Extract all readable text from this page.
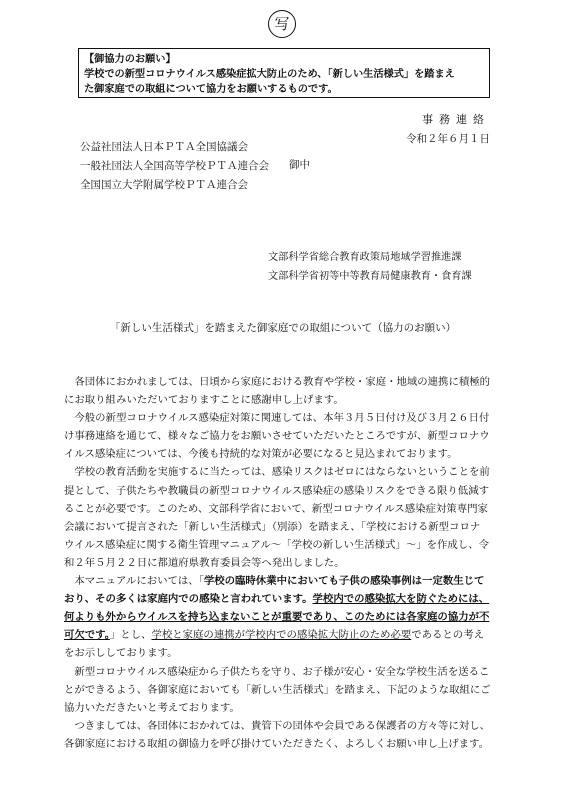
写
【御協力のお願い】
学校での新型コロナウイルス感染症拡大防止のため、「新しい生活様式」を踏まえ
た御家庭での取組について協力をお願いするものです。
事務連絡
令和２年６月１日
公益社団法人日本ＰＴＡ全国協議会
一般社団法人全国高等学校ＰＴＡ連合会
全国国立大学附属学校ＰＴＡ連合会
御中
文部科学省総合教育政策局地域学習推進課
文部科学省初等中等教育局健康教育・食育課
「新しい生活様式」を踏まえた御家庭での取組について（協力のお願い）
　各団体におかれましては、日頃から家庭における教育や学校・家庭・地域の連携に積極的
にお取り組みいただいておりますことに感謝申し上げます。
　今般の新型コロナウイルス感染症対策に関連しては、本年３月５日付け及び３月２６日付
け事務連絡を通じて、様々なご協力をお願いさせていただいたところですが、新型コロナウ
イルス感染症については、今後も持続的な対策が必要になると見込まれております。
　学校の教育活動を実施するに当たっては、感染リスクはゼロにはならないということを前
提として、子供たちや教職員の新型コロナウイルス感染症の感染リスクをできる限り低減す
ることが必要です。このため、文部科学省において、新型コロナウイルス感染症対策専門家
会議において提言された「新しい生活様式」（別添）を踏まえ、「学校における新型コロナ
ウイルス感染症に関する衛生管理マニュアル～「学校の新しい生活様式」～」を作成し、令
和２年５月２２日に都道府県教育委員会等へ発出しました。
　本マニュアルにおいては、「学校の臨時休業中においても子供の感染事例は一定数生じて
おり、その多くは家庭内での感染と言われています。学校内での感染拡大を防ぐためには、
何よりも外からウイルスを持ち込まないことが重要であり、このためには各家庭の協力が不
可欠です。」とし、学校と家庭の連携が学校内での感染拡大防止のため必要であるとの考え
をお示ししております。
　新型コロナウイルス感染症から子供たちを守り、お子様が安心・安全な学校生活を送るこ
とができるよう、各御家庭においても「新しい生活様式」を踏まえ、下記のような取組にご
協力いただきたいと考えております。
　つきましては、各団体におかれては、貴管下の団体や会員である保護者の方々等に対し、
各御家庭における取組の御協力を呼び掛けていただきたく、よろしくお願い申し上げます。
